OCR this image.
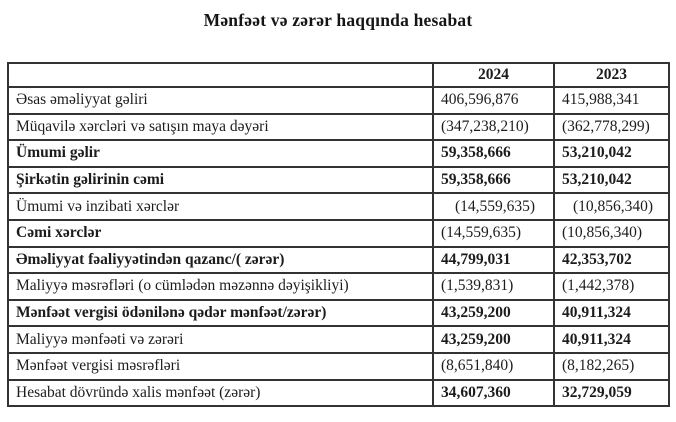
Mənfəət və zərər haqqında hesabat
	2024	2023
Əsas əməliyyat gəliri	406,596,876	415,988,341
Müqavilə xərcləri və satışın maya dəyəri	(347,238,210)	(362,778,299)
Ümumi gəlir	59,358,666	53,210,042
Şirkətin gəlirinin cəmi	59,358,666	53,210,042
Ümumi və inzibati xərclər	(14,559,635)	(10,856,340)
Cəmi xərclər	(14,559,635)	(10,856,340)
Əməliyyat fəaliyyətindən qazanc/( zərər)	44,799,031	42,353,702
Maliyyə məsrəfləri (o cümlədən məzənnə dəyişikliyi)	(1,539,831)	(1,442,378)
Mənfəət vergisi ödənilənə qədər mənfəət/zərər)	43,259,200	40,911,324
Maliyyə mənfəəti və zərəri	43,259,200	40,911,324
Mənfəət vergisi məsrəfləri	(8,651,840)	(8,182,265)
Hesabat dövründə xalis mənfəət (zərər)	34,607,360	32,729,059
